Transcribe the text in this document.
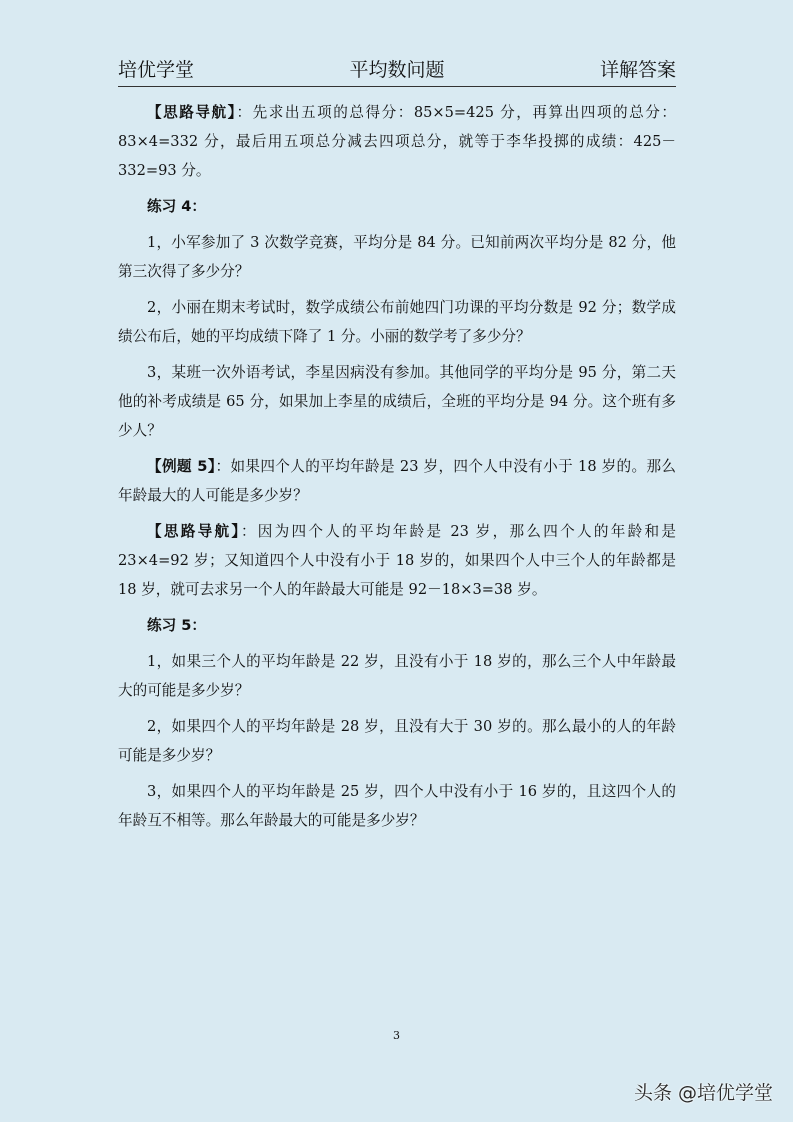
培优学堂	平均数问题	详解答案

【思路导航】：先求出五项的总得分：85×5=425 分，再算出四项的总分：83×4=332 分，最后用五项总分减去四项总分，就等于李华投掷的成绩：425－332=93 分。

练习 4：

1，小军参加了 3 次数学竞赛，平均分是 84 分。已知前两次平均分是 82 分，他第三次得了多少分？

2，小丽在期末考试时，数学成绩公布前她四门功课的平均分数是 92 分；数学成绩公布后，她的平均成绩下降了 1 分。小丽的数学考了多少分？

3，某班一次外语考试，李星因病没有参加。其他同学的平均分是 95 分，第二天他的补考成绩是 65 分，如果加上李星的成绩后，全班的平均分是 94 分。这个班有多少人？

【例题 5】：如果四个人的平均年龄是 23 岁，四个人中没有小于 18 岁的。那么年龄最大的人可能是多少岁？

【思路导航】：因为四个人的平均年龄是 23 岁，那么四个人的年龄和是 23×4=92 岁；又知道四个人中没有小于 18 岁的，如果四个人中三个人的年龄都是 18 岁，就可去求另一个人的年龄最大可能是 92－18×3=38 岁。

练习 5：

1，如果三个人的平均年龄是 22 岁，且没有小于 18 岁的，那么三个人中年龄最大的可能是多少岁？

2，如果四个人的平均年龄是 28 岁，且没有大于 30 岁的。那么最小的人的年龄可能是多少岁？

3，如果四个人的平均年龄是 25 岁，四个人中没有小于 16 岁的，且这四个人的年龄互不相等。那么年龄最大的可能是多少岁？

3
头条 @培优学堂
